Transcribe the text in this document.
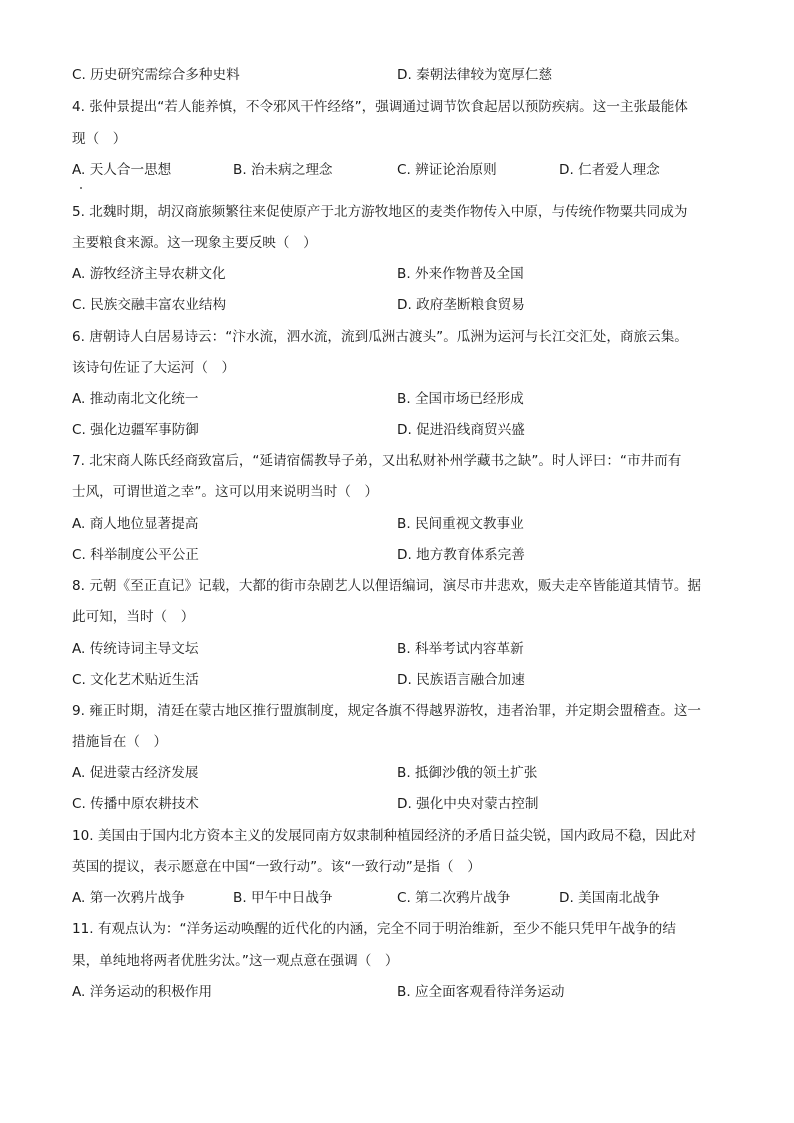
C. 历史研究需综合多种史料	D. 秦朝法律较为宽厚仁慈
4. 张仲景提出“若人能养慎，不令邪风干忤经络”，强调通过调节饮食起居以预防疾病。这一主张最能体
现（　）
A. 天人合一思想	B. 治未病之理念	C. 辨证论治原则	D. 仁者爱人理念
5. 北魏时期，胡汉商旅频繁往来促使原产于北方游牧地区的麦类作物传入中原，与传统作物粟共同成为
主要粮食来源。这一现象主要反映（　）
A. 游牧经济主导农耕文化	B. 外来作物普及全国
C. 民族交融丰富农业结构	D. 政府垄断粮食贸易
6. 唐朝诗人白居易诗云：“汴水流，泗水流，流到瓜洲古渡头”。瓜洲为运河与长江交汇处，商旅云集。
该诗句佐证了大运河（　）
A. 推动南北文化统一	B. 全国市场已经形成
C. 强化边疆军事防御	D. 促进沿线商贸兴盛
7. 北宋商人陈氏经商致富后，“延请宿儒教导子弟，又出私财补州学藏书之缺”。时人评曰：“市井而有
士风，可谓世道之幸”。这可以用来说明当时（　）
A. 商人地位显著提高	B. 民间重视文教事业
C. 科举制度公平公正	D. 地方教育体系完善
8. 元朝《至正直记》记载，大都的街市杂剧艺人以俚语编词，演尽市井悲欢，贩夫走卒皆能道其情节。据
此可知，当时（　）
A. 传统诗词主导文坛	B. 科举考试内容革新
C. 文化艺术贴近生活	D. 民族语言融合加速
9. 雍正时期，清廷在蒙古地区推行盟旗制度，规定各旗不得越界游牧，违者治罪，并定期会盟稽查。这一
措施旨在（　）
A. 促进蒙古经济发展	B. 抵御沙俄的领土扩张
C. 传播中原农耕技术	D. 强化中央对蒙古控制
10. 美国由于国内北方资本主义的发展同南方奴隶制种植园经济的矛盾日益尖锐，国内政局不稳，因此对
英国的提议，表示愿意在中国“一致行动”。该“一致行动”是指（　）
A. 第一次鸦片战争	B. 甲午中日战争	C. 第二次鸦片战争	D. 美国南北战争
11. 有观点认为：“洋务运动唤醒的近代化的内涵，完全不同于明治维新，至少不能只凭甲午战争的结
果，单纯地将两者优胜劣汰。”这一观点意在强调（　）
A. 洋务运动的积极作用	B. 应全面客观看待洋务运动
